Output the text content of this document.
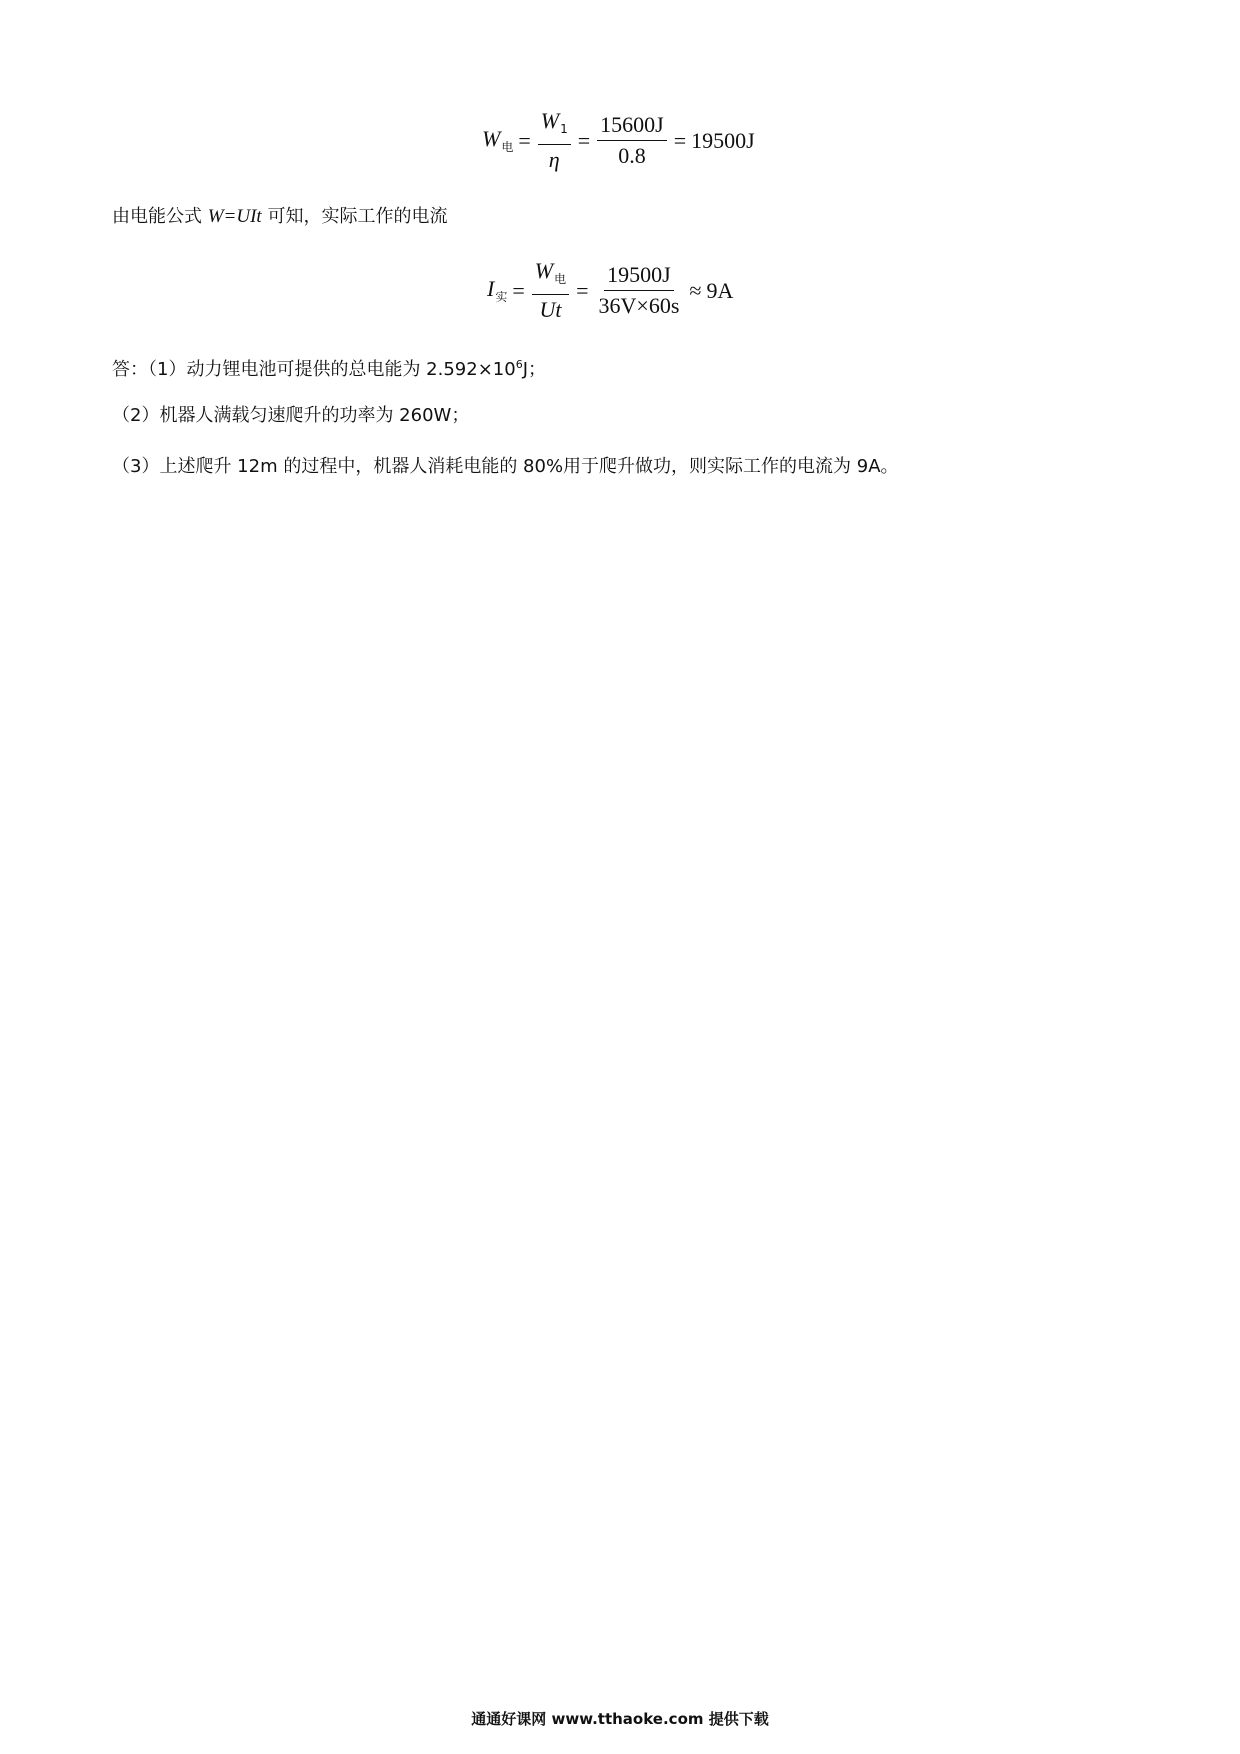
$W_电 = \frac{W_1}{\eta} = \frac{15600J}{0.8} = 19500J$
由电能公式 W=UIt 可知，实际工作的电流
$I_实 = \frac{W_电}{Ut} = \frac{19500J}{36V\times 60s} \approx 9A$
答：（1）动力锂电池可提供的总电能为 $2.592\times 10^6J$；
（2）机器人满载匀速爬升的功率为 260W；
（3）上述爬升 12m 的过程中，机器人消耗电能的 80%用于爬升做功，则实际工作的电流为 9A。
通通好课网 www.tthaoke.com 提供下载
